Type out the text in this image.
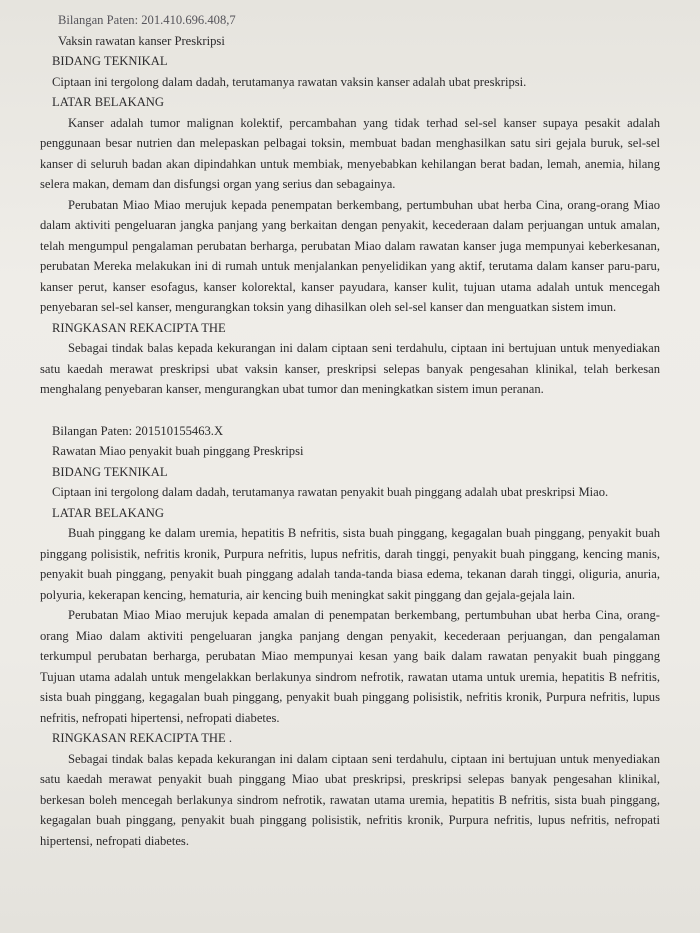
Bilangan Paten: 201.410.696.408,7

Vaksin rawatan kanser Preskripsi

BIDANG TEKNIKAL

Ciptaan ini tergolong dalam dadah, terutamanya rawatan vaksin kanser adalah ubat preskripsi.

LATAR BELAKANG

Kanser adalah tumor malignan kolektif, percambahan yang tidak terhad sel-sel kanser supaya pesakit adalah penggunaan besar nutrien dan melepaskan pelbagai toksin, membuat badan menghasilkan satu siri gejala buruk, sel-sel kanser di seluruh badan akan dipindahkan untuk membiak, menyebabkan kehilangan berat badan, lemah, anemia, hilang selera makan, demam dan disfungsi organ yang serius dan sebagainya.

Perubatan Miao Miao merujuk kepada penempatan berkembang, pertumbuhan ubat herba Cina, orang-orang Miao dalam aktiviti pengeluaran jangka panjang yang berkaitan dengan penyakit, kecederaan dalam perjuangan untuk amalan, telah mengumpul pengalaman perubatan berharga, perubatan Miao dalam rawatan kanser juga mempunyai keberkesanan, perubatan Mereka melakukan ini di rumah untuk menjalankan penyelidikan yang aktif, terutama dalam kanser paru-paru, kanser perut, kanser esofagus, kanser kolorektal, kanser payudara, kanser kulit, tujuan utama adalah untuk mencegah penyebaran sel-sel kanser, mengurangkan toksin yang dihasilkan oleh sel-sel kanser dan menguatkan sistem imun.

RINGKASAN REKACIPTA THE

Sebagai tindak balas kepada kekurangan ini dalam ciptaan seni terdahulu, ciptaan ini bertujuan untuk menyediakan satu kaedah merawat preskripsi ubat vaksin kanser, preskripsi selepas banyak pengesahan klinikal, telah berkesan menghalang penyebaran kanser, mengurangkan ubat tumor dan meningkatkan sistem imun peranan.

Bilangan Paten: 201510155463.X

Rawatan Miao penyakit buah pinggang Preskripsi

BIDANG TEKNIKAL

Ciptaan ini tergolong dalam dadah, terutamanya rawatan penyakit buah pinggang adalah ubat preskripsi Miao.

LATAR BELAKANG

Buah pinggang ke dalam uremia, hepatitis B nefritis, sista buah pinggang, kegagalan buah pinggang, penyakit buah pinggang polisistik, nefritis kronik, Purpura nefritis, lupus nefritis, darah tinggi, penyakit buah pinggang, kencing manis, penyakit buah pinggang, penyakit buah pinggang adalah tanda-tanda biasa edema, tekanan darah tinggi, oliguria, anuria, polyuria, kekerapan kencing, hematuria, air kencing buih meningkat sakit pinggang dan gejala-gejala lain.

Perubatan Miao Miao merujuk kepada amalan di penempatan berkembang, pertumbuhan ubat herba Cina, orang-orang Miao dalam aktiviti pengeluaran jangka panjang dengan penyakit, kecederaan perjuangan, dan pengalaman terkumpul perubatan berharga, perubatan Miao mempunyai kesan yang baik dalam rawatan penyakit buah pinggang Tujuan utama adalah untuk mengelakkan berlakunya sindrom nefrotik, rawatan utama untuk uremia, hepatitis B nefritis, sista buah pinggang, kegagalan buah pinggang, penyakit buah pinggang polisistik, nefritis kronik, Purpura nefritis, lupus nefritis, nefropati hipertensi, nefropati diabetes.

RINGKASAN REKACIPTA THE .

Sebagai tindak balas kepada kekurangan ini dalam ciptaan seni terdahulu, ciptaan ini bertujuan untuk menyediakan satu kaedah merawat penyakit buah pinggang Miao ubat preskripsi, preskripsi selepas banyak pengesahan klinikal, berkesan boleh mencegah berlakunya sindrom nefrotik, rawatan utama uremia, hepatitis B nefritis, sista buah pinggang, kegagalan buah pinggang, penyakit buah pinggang polisistik, nefritis kronik, Purpura nefritis, lupus nefritis, nefropati hipertensi, nefropati diabetes.
